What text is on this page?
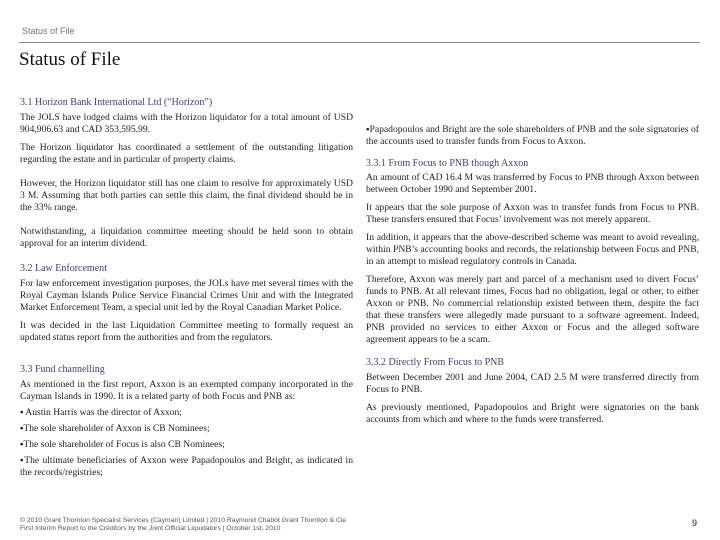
Status of File
Status of File
3.1 Horizon Bank International Ltd (“Horizon”)

The JOLS have lodged claims with the Horizon liquidator for a total amount of USD 904,906.63 and CAD 353,595.99.

The Horizon liquidator has coordinated a settlement of the outstanding litigation regarding the estate and in particular of property claims.

However, the Horizon liquidator still has one claim to resolve for approximately USD 3 M. Assuming that both parties can settle this claim, the final dividend should be in the 33% range.

Notwithstanding, a liquidation committee meeting should be held soon to obtain approval for an interim dividend.

3.2 Law Enforcement

For law enforcement investigation purposes, the JOLs have met several times with the Royal Cayman Islands Police Service Financial Crimes Unit and with the Integrated Market Enforcement Team, a special unit led by the Royal Canadian Market Police.

It was decided in the last Liquidation Committee meeting to formally request an updated status report from the authorities and from the regulators.

3.3 Fund channelling

As mentioned in the first report, Axxon is an exempted company incorporated in the Cayman Islands in 1990. It is a related party of both Focus and PNB as:

▪ Austin Harris was the director of Axxon;

▪The sole shareholder of Axxon is CB Nominees;

▪The sole shareholder of Focus is also CB Nominees;

▪The ultimate beneficiaries of Axxon were Papadopoulos and Bright, as indicated in the records/registries;

▪Papadopoulos and Bright are the sole shareholders of PNB and the sole signatories of the accounts used to transfer funds from Focus to Axxon.
3.3.1 From Focus to PNB though Axxon

An amount of CAD 16.4 M was transferred by Focus to PNB through Axxon between between October 1990 and September 2001.

It appears that the sole purpose of Axxon was to transfer funds from Focus to PNB. These transfers ensured that Focus’ involvement was not merely apparent.

In addition, it appears that the above-described scheme was meant to avoid revealing, within PNB’s accounting books and records, the relationship between Focus and PNB, in an attempt to mislead regulatory controls in Canada.

Therefore, Axxon was merely part and parcel of a mechanism used to divert Focus’ funds to PNB. At all relevant times, Focus had no obligation, legal or other, to either Axxon or PNB. No commercial relationship existed between them, despite the fact that these transfers were allegedly made pursuant to a software agreement. Indeed, PNB provided no services to either Axxon or Focus and the alleged software agreement appears to be a scam.

3.3.2 Directly From Focus to PNB

Between December 2001 and June 2004, CAD 2.5 M were transferred directly from Focus to PNB.

As previously mentioned, Papadopoulos and Bright were signatories on the bank accounts from which and where to the funds were transferred.

© 2010 Grant Thornton Specialist Services (Cayman) Limited | 2010 Raymond Chabot Grant Thornton & Cie
First Interim Report to the Creditors by the Joint Official Liquidators | October 1st, 2010
9
